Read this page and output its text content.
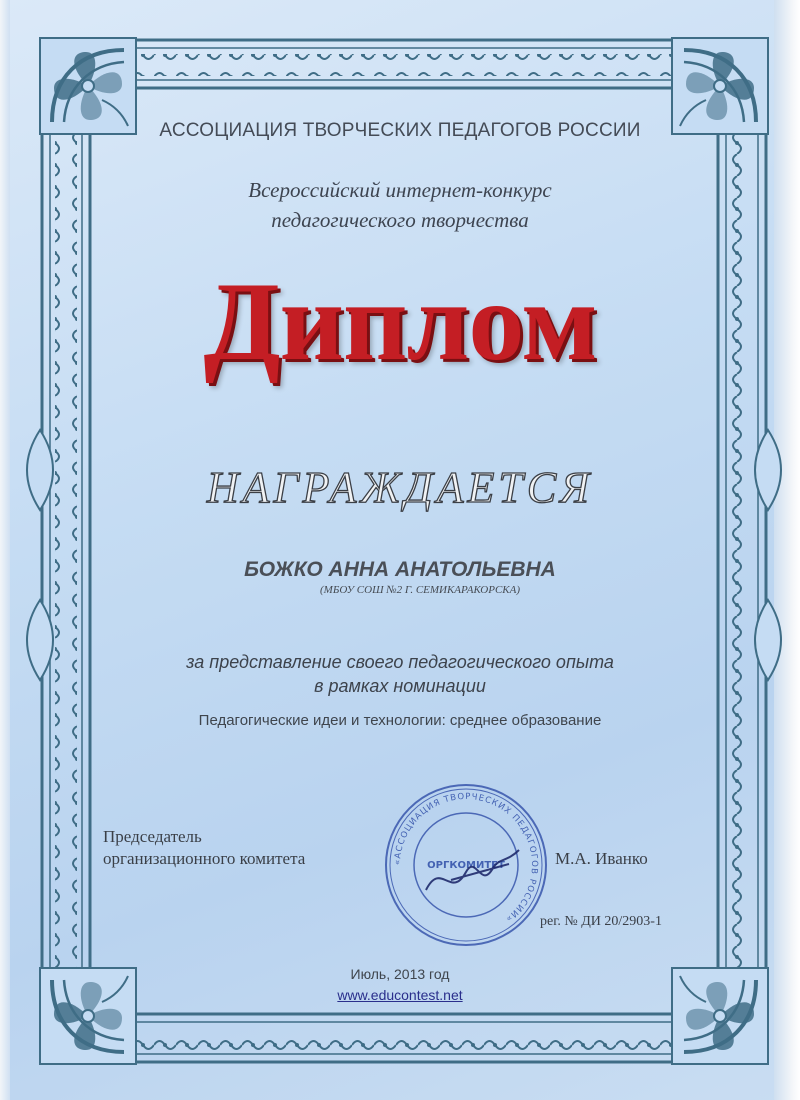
АССОЦИАЦИЯ ТВОРЧЕСКИХ ПЕДАГОГОВ РОССИИ
Всероссийский интернет-конкурс
педагогического творчества
Диплом
НАГРАЖДАЕТСЯ
БОЖКО АННА АНАТОЛЬЕВНА
(МБОУ СОШ №2 Г. СЕМИКАРАКОРСКА)
за представление своего педагогического опыта
в рамках номинации
Педагогические идеи и технологии: среднее образование
Председатель
организационного комитета	«АССОЦИАЦИЯ ТВОРЧЕСКИХ ПЕДАГОГОВ РОССИИ»
ОРГКОМИТЕТ	М.А. Иванко
рег. № ДИ 20/2903-1
Июль, 2013 год
www.educontest.net
